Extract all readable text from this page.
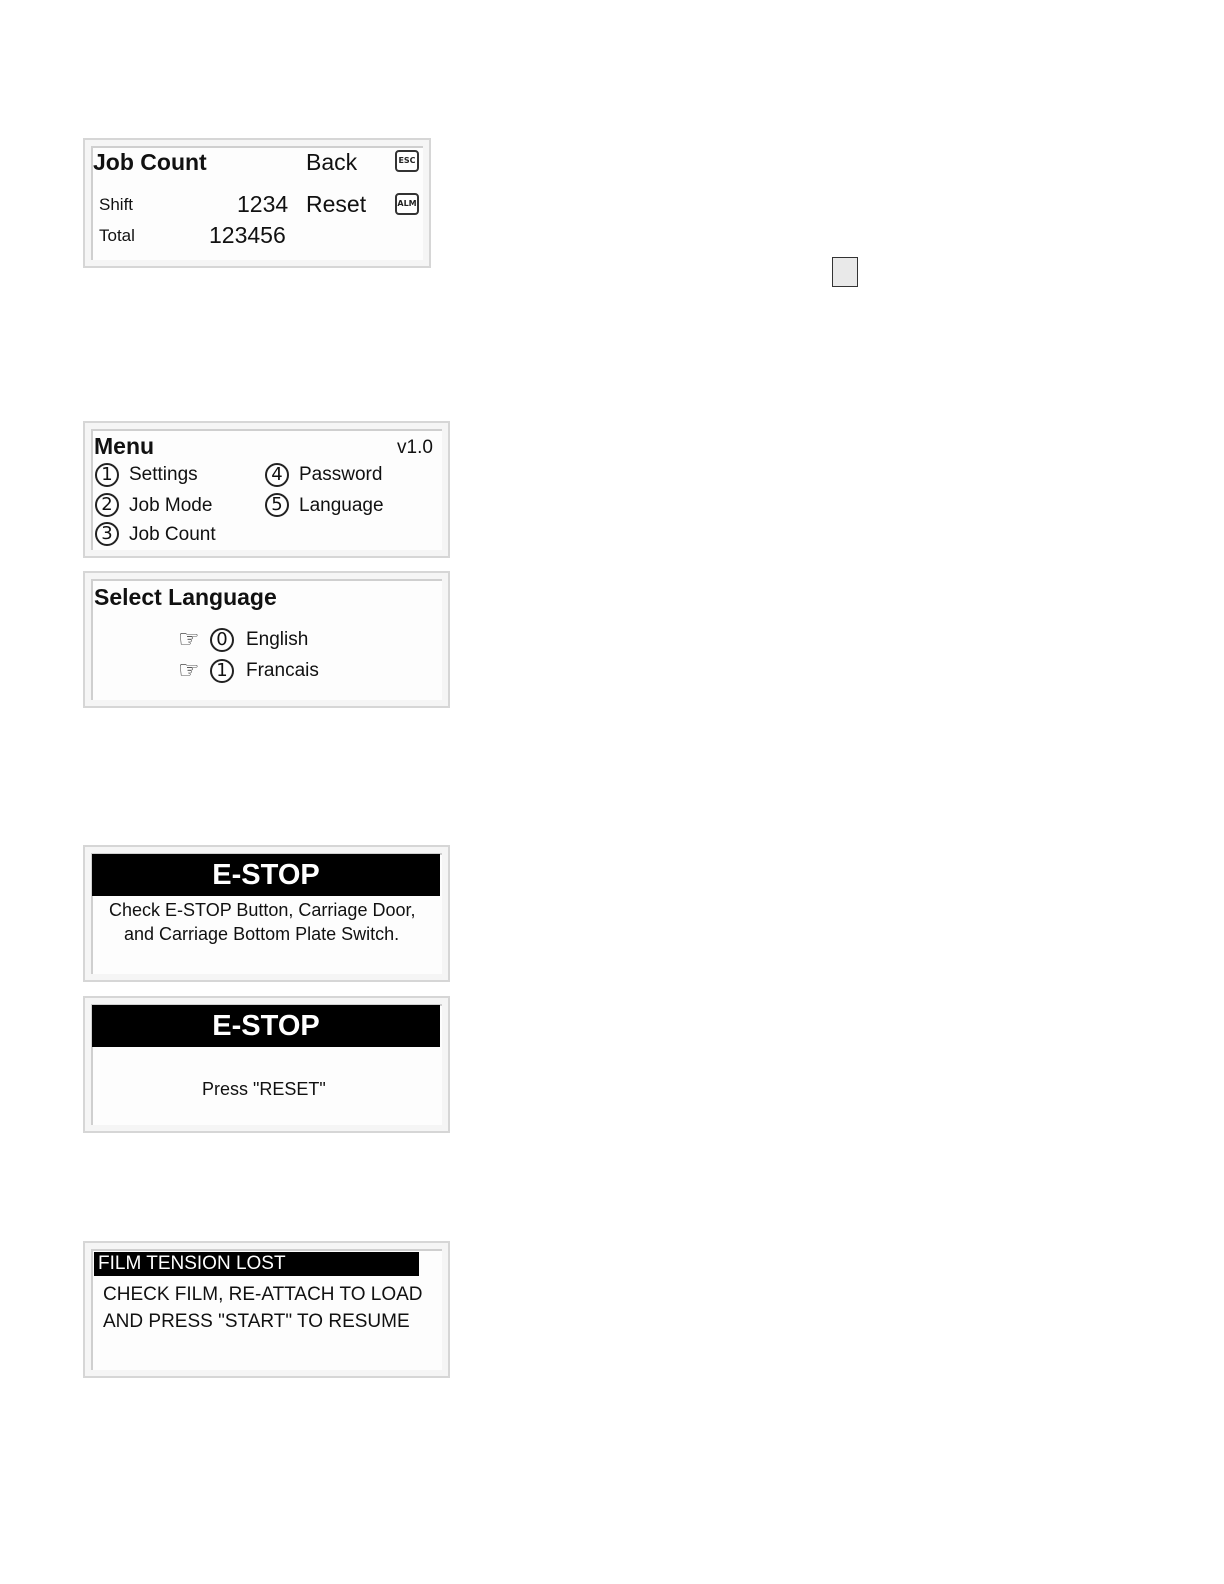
Job Count	Back	ESC
Shift	1234 Reset	ALM
Total	123456
Menu	v1.0
1 Settings
2 Job Mode
3 Job Count
4 Password
5 Language
Select Language
☞ 0 English
☞ 1 Francais
E-STOP
Check E-STOP Button, Carriage Door,
and Carriage Bottom Plate Switch.
E-STOP
Press "RESET"
FILM TENSION LOST
CHECK FILM, RE-ATTACH TO LOAD
AND PRESS "START" TO RESUME
